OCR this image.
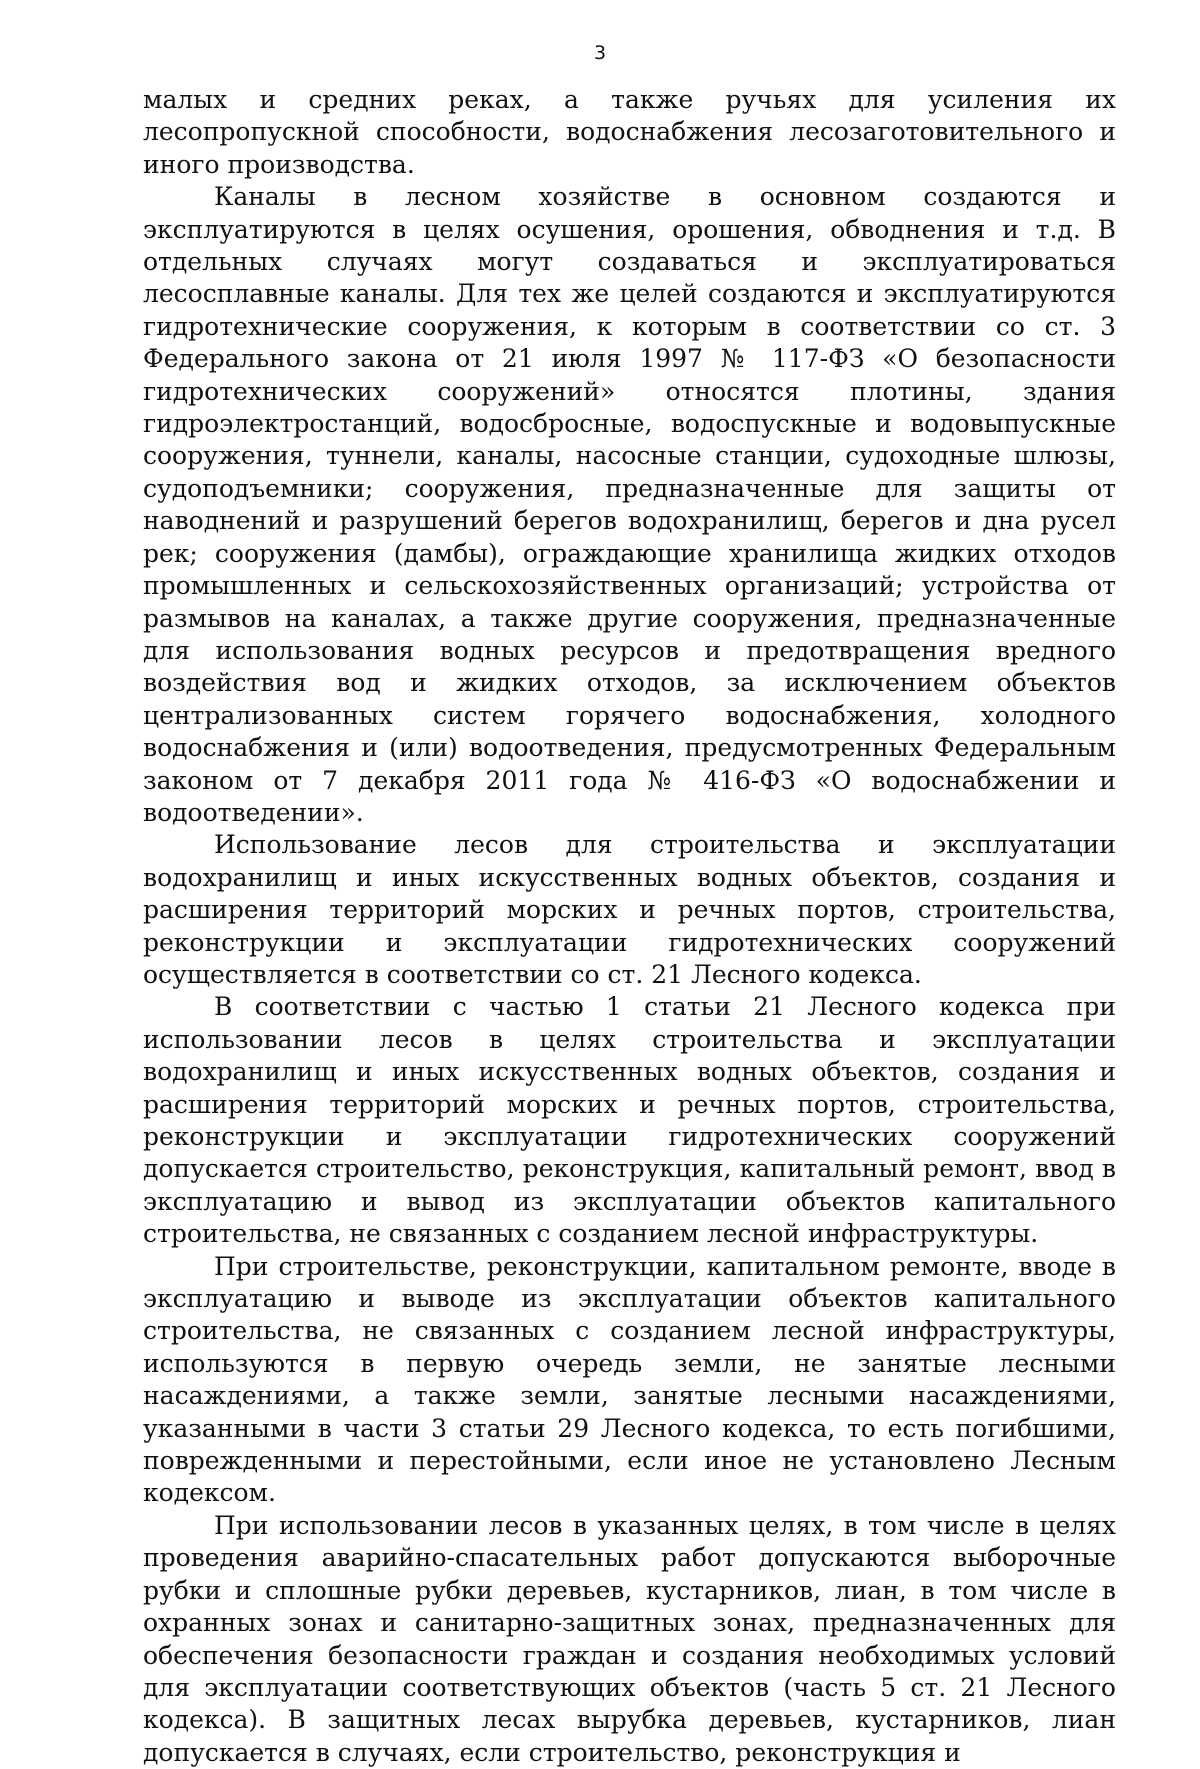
3

малых и средних реках, а также ручьях для усиления их лесопропускной способности, водоснабжения лесозаготовительного и иного производства.

Каналы в лесном хозяйстве в основном создаются и эксплуатируются в целях осушения, орошения, обводнения и т.д. В отдельных случаях могут создаваться и эксплуатироваться лесосплавные каналы. Для тех же целей создаются и эксплуатируются гидротехнические сооружения, к которым в соответствии со ст. 3 Федерального закона от 21 июля 1997 № 117-ФЗ «О безопасности гидротехнических сооружений» относятся плотины, здания гидроэлектростанций, водосбросные, водоспускные и водовыпускные сооружения, туннели, каналы, насосные станции, судоходные шлюзы, судоподъемники; сооружения, предназначенные для защиты от наводнений и разрушений берегов водохранилищ, берегов и дна русел рек; сооружения (дамбы), ограждающие хранилища жидких отходов промышленных и сельскохозяйственных организаций; устройства от размывов на каналах, а также другие сооружения, предназначенные для использования водных ресурсов и предотвращения вредного воздействия вод и жидких отходов, за исключением объектов централизованных систем горячего водоснабжения, холодного водоснабжения и (или) водоотведения, предусмотренных Федеральным законом от 7 декабря 2011 года № 416-ФЗ «О водоснабжении и водоотведении».

Использование лесов для строительства и эксплуатации водохранилищ и иных искусственных водных объектов, создания и расширения территорий морских и речных портов, строительства, реконструкции и эксплуатации гидротехнических сооружений осуществляется в соответствии со ст. 21 Лесного кодекса.

В соответствии с частью 1 статьи 21 Лесного кодекса при использовании лесов в целях строительства и эксплуатации водохранилищ и иных искусственных водных объектов, создания и расширения территорий морских и речных портов, строительства, реконструкции и эксплуатации гидротехнических сооружений допускается строительство, реконструкция, капитальный ремонт, ввод в эксплуатацию и вывод из эксплуатации объектов капитального строительства, не связанных с созданием лесной инфраструктуры.

При строительстве, реконструкции, капитальном ремонте, вводе в эксплуатацию и выводе из эксплуатации объектов капитального строительства, не связанных с созданием лесной инфраструктуры, используются в первую очередь земли, не занятые лесными насаждениями, а также земли, занятые лесными насаждениями, указанными в части 3 статьи 29 Лесного кодекса, то есть погибшими, поврежденными и перестойными, если иное не установлено Лесным кодексом.

При использовании лесов в указанных целях, в том числе в целях проведения аварийно-спасательных работ допускаются выборочные рубки и сплошные рубки деревьев, кустарников, лиан, в том числе в охранных зонах и санитарно-защитных зонах, предназначенных для обеспечения безопасности граждан и создания необходимых условий для эксплуатации соответствующих объектов (часть 5 ст. 21 Лесного кодекса). В защитных лесах вырубка деревьев, кустарников, лиан допускается в случаях, если строительство, реконструкция и
